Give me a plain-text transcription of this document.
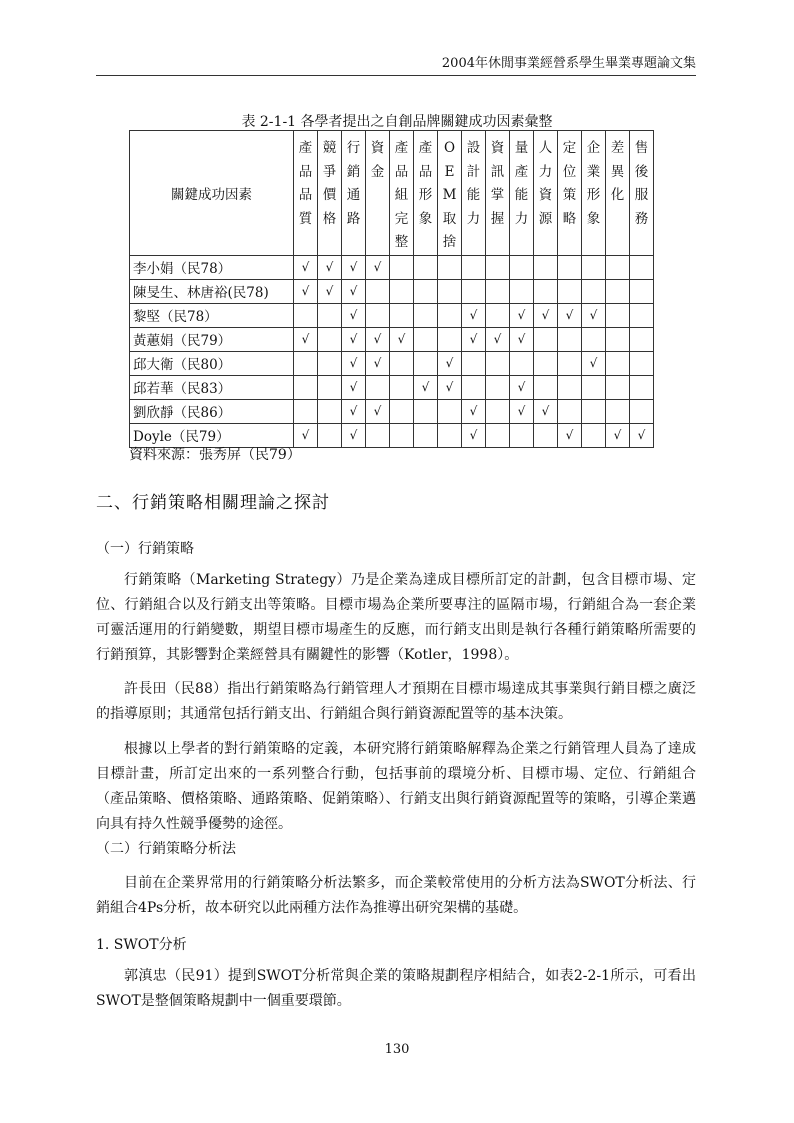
2004年休閒事業經營系學生畢業專題論文集
表 2-1-1 各學者提出之自創品牌關鍵成功因素彙整
關鍵成功因素	產品品質	競爭價格	行銷通路	資金	產品組完整	產品形象	OEM取捨	設計能力	資訊掌握	量產能力	人力資源	定位策略	企業形象	差異化	售後服務

李小娟（民78）	√	√	√	√											
陳旻生、林唐裕(民78)	√	√	√												
黎堅（民78）			√					√		√	√	√	√		
黃蕙娟（民79）	√		√	√	√			√	√	√					
邱大衛（民80）			√	√			√						√		
邱若華（民83）			√			√	√			√					
劉欣靜（民86）			√	√				√		√	√				
Doyle（民79）	√		√					√				√		√	√
資料來源：張秀屏（民79）
二、行銷策略相關理論之探討
（一）行銷策略

行銷策略（Marketing Strategy）乃是企業為達成目標所訂定的計劃，包含目標市場、定位、行銷組合以及行銷支出等策略。目標市場為企業所要專注的區隔市場，行銷組合為一套企業可靈活運用的行銷變數，期望目標市場產生的反應，而行銷支出則是執行各種行銷策略所需要的行銷預算，其影響對企業經營具有關鍵性的影響（Kotler，1998）。

許長田（民88）指出行銷策略為行銷管理人才預期在目標市場達成其事業與行銷目標之廣泛的指導原則；其通常包括行銷支出、行銷組合與行銷資源配置等的基本決策。

根據以上學者的對行銷策略的定義，本研究將行銷策略解釋為企業之行銷管理人員為了達成目標計畫，所訂定出來的一系列整合行動，包括事前的環境分析、目標市場、定位、行銷組合（產品策略、價格策略、通路策略、促銷策略）、行銷支出與行銷資源配置等的策略，引導企業邁向具有持久性競爭優勢的途徑。

（二）行銷策略分析法

目前在企業界常用的行銷策略分析法繁多，而企業較常使用的分析方法為SWOT分析法、行銷組合4Ps分析，故本研究以此兩種方法作為推導出研究架構的基礎。

1. SWOT分析

郭滇忠（民91）提到SWOT分析常與企業的策略規劃程序相結合，如表2-2-1所示，可看出SWOT是整個策略規劃中一個重要環節。

130
